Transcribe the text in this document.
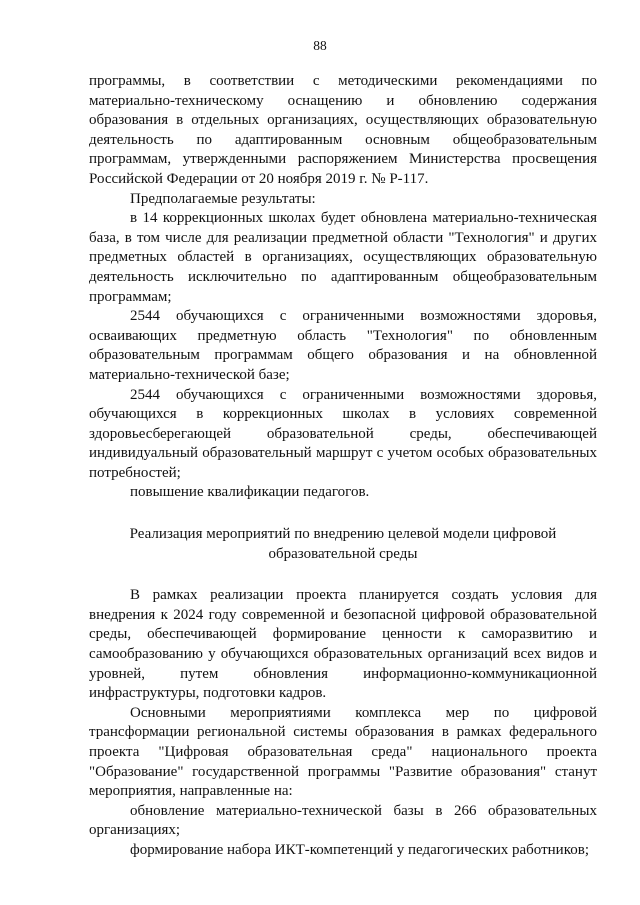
88

программы, в соответствии с методическими рекомендациями по материально-техническому оснащению и обновлению содержания образования в отдельных организациях, осуществляющих образовательную деятельность по адаптированным основным общеобразовательным программам, утвержденными распоряжением Министерства просвещения Российской Федерации от 20 ноября 2019 г. № Р-117.

Предполагаемые результаты:

в 14 коррекционных школах будет обновлена материально-техническая база, в том числе для реализации предметной области "Технология" и других предметных областей в организациях, осуществляющих образовательную деятельность исключительно по адаптированным общеобразовательным программам;

2544 обучающихся с ограниченными возможностями здоровья, осваивающих предметную область "Технология" по обновленным образовательным программам общего образования и на обновленной материально-технической базе;

2544 обучающихся с ограниченными возможностями здоровья, обучающихся в коррекционных школах в условиях современной здоровьесберегающей образовательной среды, обеспечивающей индивидуальный образовательный маршрут с учетом особых образовательных потребностей;

повышение квалификации педагогов.

Реализация мероприятий по внедрению целевой модели цифровой образовательной среды

В рамках реализации проекта планируется создать условия для внедрения к 2024 году современной и безопасной цифровой образовательной среды, обеспечивающей формирование ценности к саморазвитию и самообразованию у обучающихся образовательных организаций всех видов и уровней, путем обновления информационно-коммуникационной инфраструктуры, подготовки кадров.

Основными мероприятиями комплекса мер по цифровой трансформации региональной системы образования в рамках федерального проекта "Цифровая образовательная среда" национального проекта "Образование" государственной программы "Развитие образования" станут мероприятия, направленные на:

обновление материально-технической базы в 266 образовательных организациях;

формирование набора ИКТ-компетенций у педагогических работников;
